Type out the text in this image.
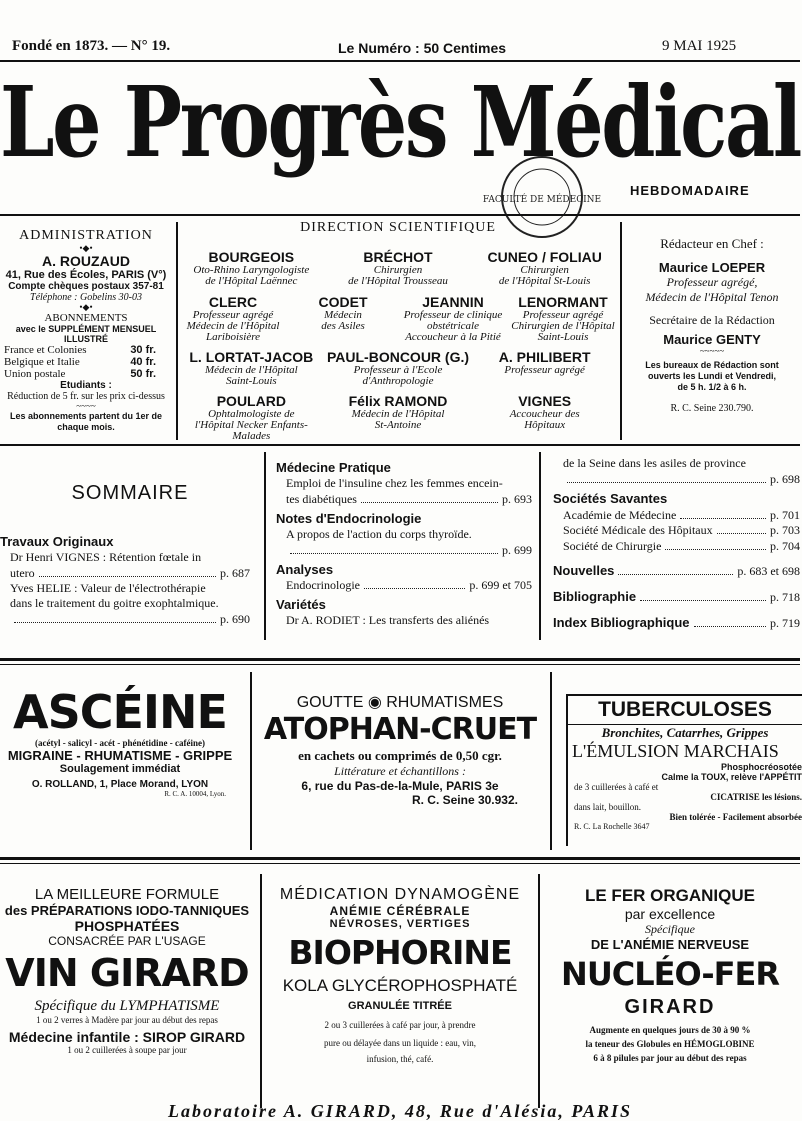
Fondé en 1873. — N° 19.	Le Numéro : 50 Centimes	9 MAI 1925
Le Progrès Médical
HEBDOMADAIRE
FACULTÉ DE MÉDECINE
ADMINISTRATION
•◆•
A. ROUZAUD
41, Rue des Écoles, PARIS (V°)
Compte chèques postaux 357-81
Téléphone : Gobelins 30-03
•◆•
ABONNEMENTS
avec le SUPPLÉMENT MENSUEL ILLUSTRÉ
France et Colonies	30 fr.
Belgique et Italie	40 fr.
Union postale	50 fr.
Etudiants :
Réduction de 5 fr. sur les prix ci-dessus
~~~~
Les abonnements partent du 1er de chaque mois.
DIRECTION SCIENTIFIQUE
BOURGEOIS
Oto-Rhino Laryngologiste
de l'Hôpital Laënnec
BRÉCHOT
Chirurgien
de l'Hôpital Trousseau
CUNEO / FOLIAU
Chirurgien
de l'Hôpital St-Louis
CLERC
Professeur agrégé
Médecin de l'Hôpital
Lariboisière
CODET
Médecin
des Asiles
JEANNIN
Professeur de clinique
obstétricale
Accoucheur à la Pitié
LENORMANT
Professeur agrégé
Chirurgien de l'Hôpital
Saint-Louis
L. LORTAT-JACOB
Médecin de l'Hôpital
Saint-Louis
PAUL-BONCOUR (G.)
Professeur à l'Ecole
d'Anthropologie
A. PHILIBERT
Professeur agrégé
POULARD
Ophtalmologiste de
l'Hôpital Necker Enfants-Malades
Félix RAMOND
Médecin de l'Hôpital
St-Antoine
VIGNES
Accoucheur des
Hôpitaux
Rédacteur en Chef :
Maurice LOEPER
Professeur agrégé,
Médecin de l'Hôpital Tenon
Secrétaire de la Rédaction
Maurice GENTY
~~~~~
Les bureaux de Rédaction sont
ouverts les Lundi et Vendredi,
de 5 h. 1/2 à 6 h.
R. C. Seine 230.790.
SOMMAIRE
Travaux Originaux
Dr Henri VIGNES : Rétention fœtale in
utero	p. 687
Yves HELIE : Valeur de l'électrothérapie
dans le traitement du goitre exophtalmique.
p. 690
Médecine Pratique
Emploi de l'insuline chez les femmes encein-
tes diabétiques	p. 693
Notes d'Endocrinologie
A propos de l'action du corps thyroïde.
p. 699
Analyses
Endocrinologie	p. 699 et 705
Variétés
Dr A. RODIET : Les transferts des aliénés
de la Seine dans les asiles de province
p. 698
Sociétés Savantes
Académie de Médecine	p. 701
Société Médicale des Hôpitaux	p. 703
Société de Chirurgie	p. 704
Nouvelles	p. 683 et 698
Bibliographie	p. 718
Index Bibliographique	p. 719
ASCÉINE
(acétyl - salicyl - acét - phénétidine - caféine)
MIGRAINE - RHUMATISME - GRIPPE
Soulagement immédiat
O. ROLLAND, 1, Place Morand, LYON
R. C. A. 10004, Lyon.
GOUTTE ◉ RHUMATISMES
ATOPHAN-CRUET
en cachets ou comprimés de 0,50 cgr.
Littérature et échantillons :
6, rue du Pas-de-la-Mule, PARIS 3e
R. C. Seine 30.932.
TUBERCULOSES
Bronchites, Catarrhes, Grippes
L'ÉMULSION MARCHAIS
Phosphocréosotée
Calme la TOUX, relève l'APPÉTIT
de 3 cuillerées à café et
CICATRISE les lésions.
dans lait, bouillon.
Bien tolérée - Facilement absorbée
R. C. La Rochelle 3647
LA MEILLEURE FORMULE
des PRÉPARATIONS IODO-TANNIQUES
PHOSPHATÉES
CONSACRÉE PAR L'USAGE
VIN GIRARD
Spécifique du LYMPHATISME
1 ou 2 verres à Madère par jour au début des repas
Médecine infantile : SIROP GIRARD
1 ou 2 cuillerées à soupe par jour
MÉDICATION DYNAMOGÈNE
ANÉMIE CÉRÉBRALE
NÉVROSES, VERTIGES
BIOPHORINE
KOLA GLYCÉROPHOSPHATÉ
GRANULÉE TITRÉE
2 ou 3 cuillerées à café par jour, à prendre
pure ou délayée dans un liquide : eau, vin,
infusion, thé, café.
LE FER ORGANIQUE
par excellence
Spécifique
DE L'ANÉMIE NERVEUSE
NUCLÉO-FER
GIRARD
Augmente en quelques jours de 30 à 90 %
la teneur des Globules en HÉMOGLOBINE
6 à 8 pilules par jour au début des repas
Laboratoire A. GIRARD, 48, Rue d'Alésia, PARIS
